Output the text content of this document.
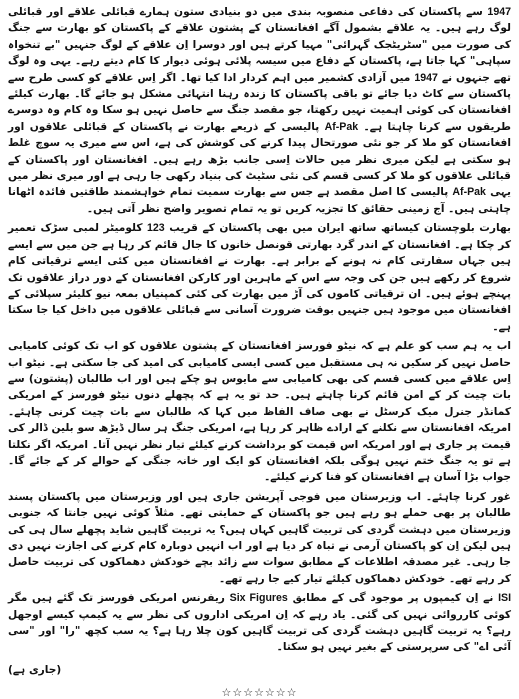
1947 سے پاکستان کی دفاعی منصوبہ بندی میں دو بنیادی ستون ہمارے قبائلی علاقے اور قبائلی لوگ رہے ہیں۔ یہ علاقے بشمول آگے افغانستان کے پشتون علاقے کے پاکستان کو بھارت سے جنگ کی صورت میں "سٹریٹجک گہرائی" مہیا کرتے ہیں اور دوسرا اِن علاقے کے لوگ جنہیں "بے تنخواہ سپاہی" کہا جاتا ہے، پاکستان کے دفاع میں سیسہ پلائی ہوئی دیوار کا کام دیتے رہے۔ یہی وہ لوگ تھے جنہوں نے 1947 میں آزادی کشمیر میں اہم کردار ادا کیا تھا۔ اگر اِس علاقے کو کسی طرح سے پاکستان سے کاٹ دیا جائے تو باقی پاکستان کا زندہ رہنا انتہائی مشکل ہو جائے گا۔ بھارت کیلئے افغانستان کی کوئی اہمیت نہیں رکھتا، جو مقصد جنگ سے حاصل نہیں ہو سکا وہ کام وہ دوسرے طریقوں سے کرنا چاہتا ہے۔ Af-Pak پالیسی کے ذریعے بھارت نے پاکستان کے قبائلی علاقوں اور افغانستان کو ملا کر جو نئی صورتحال پیدا کرنے کی کوشش کی ہے، اس سے میری یہ سوچ غلط ہو سکتی ہے لیکن میری نظر میں حالات اِسی جانب بڑھ رہے ہیں۔ افغانستان اور پاکستان کے قبائلی علاقوں کو ملا کر کسی قسم کی نئی سٹیٹ کی بنیاد رکھی جا رہی ہے اور میری نظر میں یہی Af-Pak پالیسی کا اصل مقصد ہے جس سے بھارت سمیت تمام خواہشمند طاقتیں فائدہ اٹھانا چاہتی ہیں۔ آج زمینی حقائق کا تجزیہ کریں تو یہ تمام تصویر واضح نظر آتی ہیں۔

بھارت بلوچستان کیساتھ ساتھ ایران میں بھی پاکستان کے قریب 123 کلومیٹر لمبی سڑک تعمیر کر چکا ہے۔ افغانستان کے اندر گرد بھارتی قونصل خانوں کا جال قائم کر رہا ہے جن میں سے ایسے ہیں جہاں سفارتی کام نہ ہونے کے برابر ہے۔ بھارت نے افغانستان میں کئی ایسے ترقیاتی کام شروع کر رکھے ہیں جن کی وجہ سے اس کے ماہرین اور کارکن افغانستان کے دور دراز علاقوں تک پہنچے ہوئے ہیں۔ ان ترقیاتی کاموں کی آڑ میں بھارت کی کئی کمپنیاں بمعہ نیو کلیئر سپلائی کے افغانستان میں موجود ہیں جنہیں بوقت ضرورت آسانی سے قبائلی علاقوں میں داخل کیا جا سکتا ہے۔

اب یہ ہم سب کو علم ہے کہ نیٹو فورسز افغانستان کے پشتون علاقوں کو اب تک کوئی کامیابی حاصل نہیں کر سکیں نہ ہی مستقبل میں کسی ایسی کامیابی کی امید کی جا سکتی ہے۔ نیٹو اب اِس علاقے میں کسی قسم کی بھی کامیابی سے مایوس ہو چکے ہیں اور اب طالبان (پشتون) سے بات چیت کر کے امن قائم کرنا چاہتے ہیں۔ حد تو یہ ہے کہ پچھلے دنوں نیٹو فورسز کے امریکی کمانڈر جنرل میک کرسٹل نے بھی صاف الفاظ میں کہا کہ طالبان سے بات چیت کرنی چاہئے۔ امریکہ افغانستان سے نکلنے کے ارادے ظاہر کر رہا ہے، امریکی جنگ ہر سال ڈیڑھ سو بلین ڈالر کی قیمت پر جاری ہے اور امریکہ اس قیمت کو برداشت کرنے کیلئے تیار نظر نہیں آتا۔ امریکہ اگر نکلتا ہے تو یہ جنگ ختم نہیں ہوگی بلکہ افغانستان کو ایک اور خانہ جنگی کے حوالے کر کے جائے گا۔ جواب بڑا آسان ہے افغانستان کو فنا کرنے کیلئے۔

غور کرنا چاہئے۔ اب وزیرستان میں فوجی آپریشن جاری ہیں اور وزیرستان میں پاکستان پسند طالبان پر بھی حملے ہو رہے ہیں جو پاکستان کے حمایتی تھے۔ مثلاً کوئی نہیں جانتا کہ جنوبی وزیرستان میں دہشت گردی کی تربیت گاہیں کہاں ہیں؟ یہ تربیت گاہیں شاید پچھلے سال ہی کی ہیں لیکن اِن کو پاکستان آرمی نے تباہ کر دیا ہے اور اب انہیں دوبارہ کام کرنے کی اجازت نہیں دی جا رہی۔ غیر مصدقہ اطلاعات کے مطابق سوات سے زائد بچے خودکش دھماکوں کی تربیت حاصل کر رہے تھے۔ خودکش دھماکوں کیلئے تیار کیے جا رہے تھے۔

ISI نے اِن کیمپوں پر موجود گی کے مطابق Six Figures ریفرنس امریکی فورسز تک گئے ہیں مگر کوئی کارروائی نہیں کی گئی۔ یاد رہے کہ اِن امریکی اداروں کی نظر سے یہ کیمپ کیسے اوجھل رہے؟ یہ تربیت گاہیں دہشت گردی کی تربیت گاہیں کون چلا رہا ہے؟ یہ سب کچھ "را" اور "سی آئی اے" کی سرپرستی کے بغیر نہیں ہو سکتا۔

(جاری ہے)
☆☆☆☆☆☆☆
